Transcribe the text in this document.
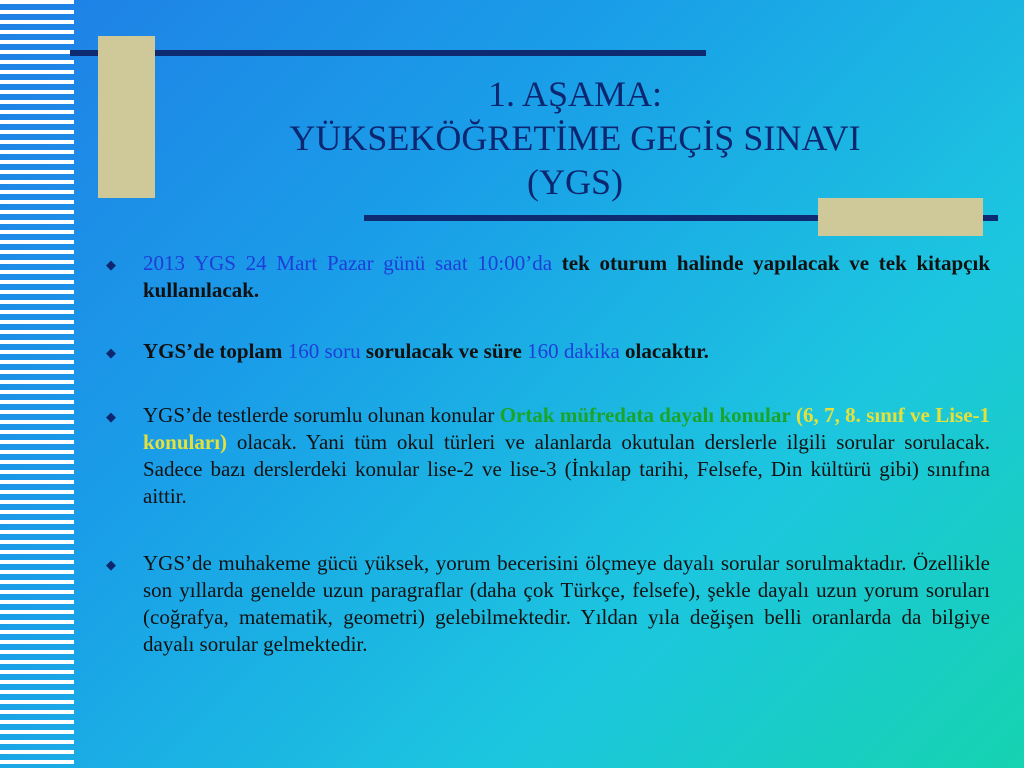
1. AŞAMA:
YÜKSEKÖĞRETİME GEÇİŞ SINAVI
(YGS)
◆ 2013 YGS 24 Mart Pazar günü saat 10:00’da tek oturum halinde yapılacak ve tek kitapçık kullanılacak.
◆ YGS’de toplam 160 soru sorulacak ve süre 160 dakika olacaktır.
◆ YGS’de testlerde sorumlu olunan konular Ortak müfredata dayalı konular (6, 7, 8. sınıf ve Lise-1 konuları) olacak. Yani tüm okul türleri ve alanlarda okutulan derslerle ilgili sorular sorulacak. Sadece bazı derslerdeki konular lise-2 ve lise-3 (İnkılap tarihi, Felsefe, Din kültürü gibi) sınıfına aittir.
◆ YGS’de muhakeme gücü yüksek, yorum becerisini ölçmeye dayalı sorular sorulmaktadır. Özellikle son yıllarda genelde uzun paragraflar (daha çok Türkçe, felsefe), şekle dayalı uzun yorum soruları (coğrafya, matematik, geometri) gelebilmektedir. Yıldan yıla değişen belli oranlarda da bilgiye dayalı sorular gelmektedir.
